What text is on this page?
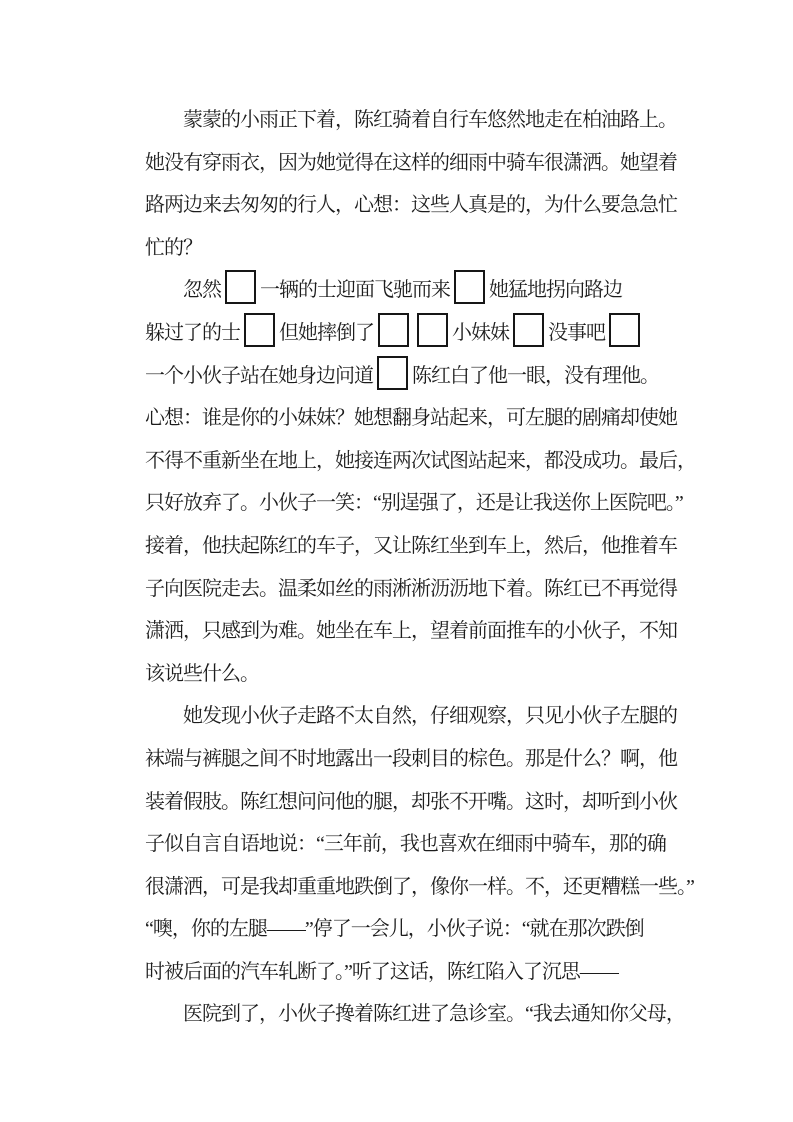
蒙蒙的小雨正下着，陈红骑着自行车悠然地走在柏油路上。
她没有穿雨衣，因为她觉得在这样的细雨中骑车很潇洒。她望着
路两边来去匆匆的行人，心想：这些人真是的，为什么要急急忙
忙的？
忽然 一辆的士迎面飞驰而来 她猛地拐向路边
躲过了的士 但她摔倒了	小妹妹 没事吧
一个小伙子站在她身边问道 陈红白了他一眼，没有理他。
心想：谁是你的小妹妹？她想翻身站起来，可左腿的剧痛却使她
不得不重新坐在地上，她接连两次试图站起来，都没成功。最后，
只好放弃了。小伙子一笑：“别逞强了，还是让我送你上医院吧。”
接着，他扶起陈红的车子，又让陈红坐到车上，然后，他推着车
子向医院走去。温柔如丝的雨淅淅沥沥地下着。陈红已不再觉得
潇洒，只感到为难。她坐在车上，望着前面推车的小伙子，不知
该说些什么。
她发现小伙子走路不太自然，仔细观察，只见小伙子左腿的
袜端与裤腿之间不时地露出一段刺目的棕色。那是什么？啊，他
装着假肢。陈红想问问他的腿，却张不开嘴。这时，却听到小伙
子似自言自语地说：“三年前，我也喜欢在细雨中骑车，那的确
很潇洒，可是我却重重地跌倒了，像你一样。不，还更糟糕一些。”
“噢，你的左腿——”停了一会儿，小伙子说：“就在那次跌倒
时被后面的汽车轧断了。”听了这话，陈红陷入了沉思——
医院到了，小伙子搀着陈红进了急诊室。“我去通知你父母，
